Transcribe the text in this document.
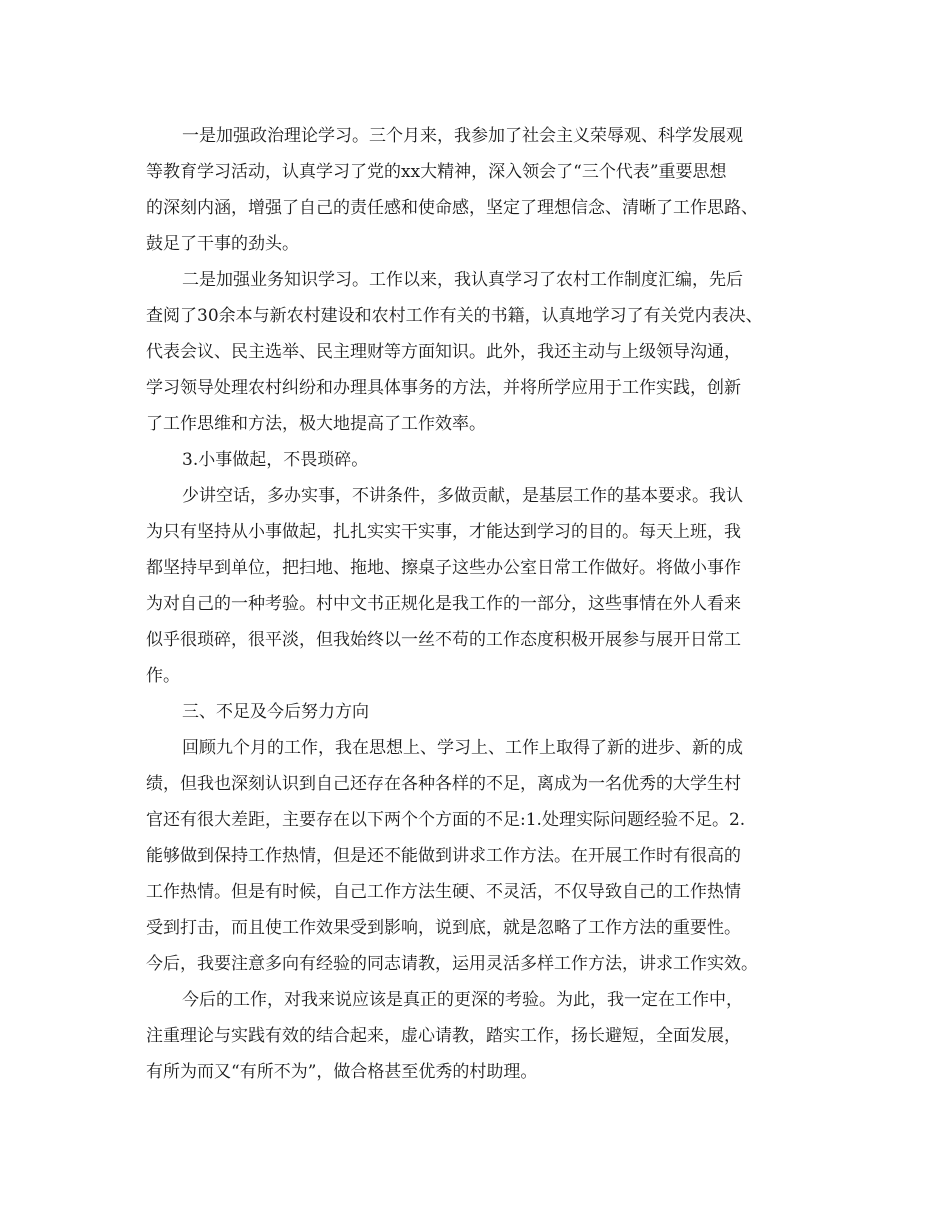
一是加强政治理论学习。三个月来，我参加了社会主义荣辱观、科学发展观
等教育学习活动，认真学习了党的xx大精神，深入领会了“三个代表”重要思想
的深刻内涵，增强了自己的责任感和使命感，坚定了理想信念、清晰了工作思路、
鼓足了干事的劲头。
二是加强业务知识学习。工作以来，我认真学习了农村工作制度汇编，先后
查阅了30余本与新农村建设和农村工作有关的书籍，认真地学习了有关党内表决、
代表会议、民主选举、民主理财等方面知识。此外，我还主动与上级领导沟通，
学习领导处理农村纠纷和办理具体事务的方法，并将所学应用于工作实践，创新
了工作思维和方法，极大地提高了工作效率。
3.小事做起，不畏琐碎。
少讲空话，多办实事，不讲条件，多做贡献，是基层工作的基本要求。我认
为只有坚持从小事做起，扎扎实实干实事，才能达到学习的目的。每天上班，我
都坚持早到单位，把扫地、拖地、擦桌子这些办公室日常工作做好。将做小事作
为对自己的一种考验。村中文书正规化是我工作的一部分，这些事情在外人看来
似乎很琐碎，很平淡，但我始终以一丝不苟的工作态度积极开展参与展开日常工
作。
三、不足及今后努力方向
回顾九个月的工作，我在思想上、学习上、工作上取得了新的进步、新的成
绩，但我也深刻认识到自己还存在各种各样的不足，离成为一名优秀的大学生村
官还有很大差距，主要存在以下两个个方面的不足:1.处理实际问题经验不足。2.
能够做到保持工作热情，但是还不能做到讲求工作方法。在开展工作时有很高的
工作热情。但是有时候，自己工作方法生硬、不灵活，不仅导致自己的工作热情
受到打击，而且使工作效果受到影响，说到底，就是忽略了工作方法的重要性。
今后，我要注意多向有经验的同志请教，运用灵活多样工作方法，讲求工作实效。
今后的工作，对我来说应该是真正的更深的考验。为此，我一定在工作中，
注重理论与实践有效的结合起来，虚心请教，踏实工作，扬长避短，全面发展，
有所为而又“有所不为”，做合格甚至优秀的村助理。
